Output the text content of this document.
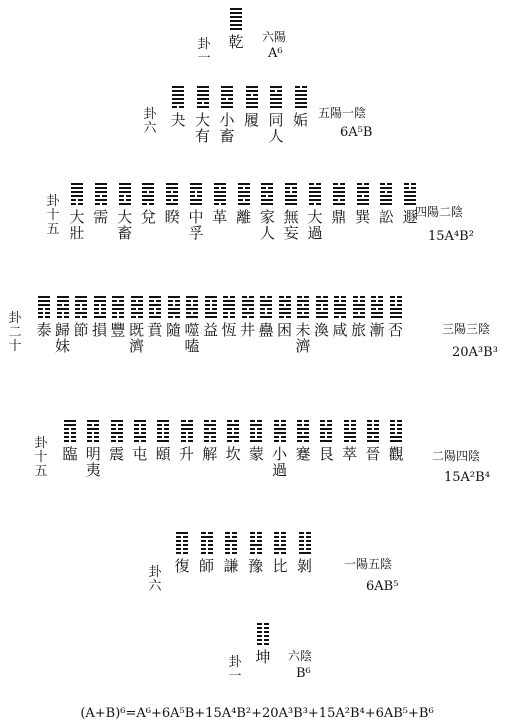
卦
一
乾 六陽
A⁶
卦
六 夬 大
有
小
畜
履 同
人
姤 五陽一陰
6A⁵B
卦
十
五
大
壯
需 大
畜
兌 睽 中
孚
革 離 家
人
無
妄
大
過
鼎 巽 訟 遯
四陽二陰
15A⁴B²
卦
二
十
泰 歸
妹
節 損 豐 既
濟
賁 隨 噬
嗑
益 恆 井 蠱 困 未
濟
渙 咸 旅 漸 否	三陽三陰
20A³B³
卦
十
五
臨 明
夷
震 屯 頤 升 解 坎 蒙 小
過
蹇 艮 萃 晉 觀 二陽四陰
15A²B⁴
卦
六
復 師 謙 豫 比 剝	一陽五陰
6AB⁵
卦
一
坤 六陰
B⁶
(A+B)⁶=A⁶+6A⁵B+15A⁴B²+20A³B³+15A²B⁴+6AB⁵+B⁶
